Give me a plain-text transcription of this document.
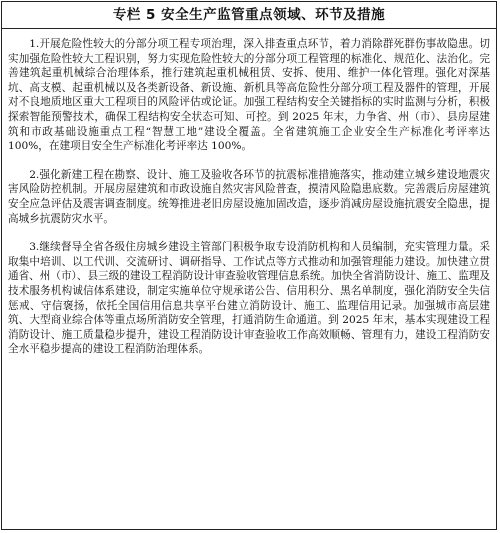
专栏 5 安全生产监管重点领域、环节及措施

1.开展危险性较大的分部分项工程专项治理，深入排查重点环节，着力消除群死群伤事故隐患。切实加强危险性较大工程识别，努力实现危险性较大的分部分项工程管理的标准化、规范化、法治化。完善建筑起重机械综合治理体系，推行建筑起重机械租赁、安拆、使用、维护一体化管理。强化对深基坑、高支模、起重机械以及各类新设备、新设施、新机具等高危险性分部分项工程及器件的管理，开展对不良地质地区重大工程项目的风险评估或论证。加强工程结构安全关键指标的实时监测与分析，积极探索智能预警技术，确保工程结构安全状态可知、可控。到 2025 年末，力争省、州（市）、县房屋建筑和市政基础设施重点工程“智慧工地”建设全覆盖。全省建筑施工企业安全生产标准化考评率达 100%，在建项目安全生产标准化考评率达 100%。

2.强化新建工程在勘察、设计、施工及验收各环节的抗震标准措施落实，推动建立城乡建设地震灾害风险防控机制。开展房屋建筑和市政设施自然灾害风险普查，摸清风险隐患底数。完善震后房屋建筑安全应急评估及震害调查制度。统筹推进老旧房屋设施加固改造，逐步消减房屋设施抗震安全隐患，提高城乡抗震防灾水平。

3.继续督导全省各级住房城乡建设主管部门积极争取专设消防机构和人员编制，充实管理力量。采取集中培训、以工代训、交流研讨、调研指导、工作试点等方式推动和加强管理能力建设。加快建立贯通省、州（市）、县三级的建设工程消防设计审查验收管理信息系统。加快全省消防设计、施工、监理及技术服务机构诚信体系建设，制定实施单位守规承诺公告、信用积分、黑名单制度，强化消防安全失信惩戒、守信褒扬，依托全国信用信息共享平台建立消防设计、施工、监理信用记录。加强城市高层建筑、大型商业综合体等重点场所消防安全管理，打通消防生命通道。到 2025 年末，基本实现建设工程消防设计、施工质量稳步提升，建设工程消防设计审查验收工作高效顺畅、管理有力，建设工程消防安全水平稳步提高的建设工程消防治理体系。
